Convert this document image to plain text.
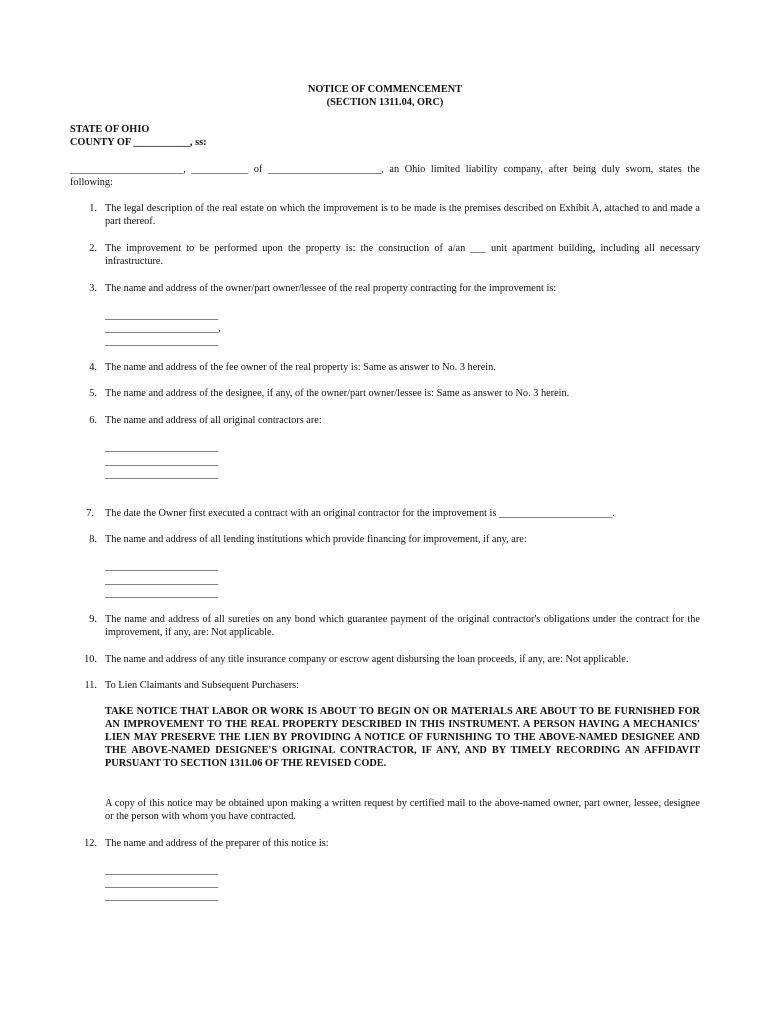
NOTICE OF COMMENCEMENT
(SECTION 1311.04, ORC)
STATE OF OHIO
COUNTY OF ___________, ss:
______________________, ___________ of ______________________, an Ohio limited liability company, after being duly sworn, states the following:
1. The legal description of the real estate on which the improvement is to be made is the premises described on Exhibit A, attached to and made a part thereof.
2. The improvement to be performed upon the property is: the construction of a/an ___ unit apartment building, including all necessary infrastructure.
3. The name and address of the owner/part owner/lessee of the real property contracting for the improvement is:
______________________
______________________,
______________________
4. The name and address of the fee owner of the real property is: Same as answer to No. 3 herein.
5. The name and address of the designee, if any, of the owner/part owner/lessee is: Same as answer to No. 3 herein.
6. The name and address of all original contractors are:
______________________
______________________
______________________
7. The date the Owner first executed a contract with an original contractor for the improvement is ______________________.
8. The name and address of all lending institutions which provide financing for improvement, if any, are:
______________________
______________________
______________________
9. The name and address of all sureties on any bond which guarantee payment of the original contractor's obligations under the contract for the improvement, if any, are: Not applicable.
10. The name and address of any title insurance company or escrow agent disbursing the loan proceeds, if any, are: Not applicable.
11. To Lien Claimants and Subsequent Purchasers:
TAKE NOTICE THAT LABOR OR WORK IS ABOUT TO BEGIN ON OR MATERIALS ARE ABOUT TO BE FURNISHED FOR AN IMPROVEMENT TO THE REAL PROPERTY DESCRIBED IN THIS INSTRUMENT. A PERSON HAVING A MECHANICS' LIEN MAY PRESERVE THE LIEN BY PROVIDING A NOTICE OF FURNISHING TO THE ABOVE-NAMED DESIGNEE AND THE ABOVE-NAMED DESIGNEE'S ORIGINAL CONTRACTOR, IF ANY, AND BY TIMELY RECORDING AN AFFIDAVIT PURSUANT TO SECTION 1311.06 OF THE REVISED CODE.
A copy of this notice may be obtained upon making a written request by certified mail to the above-named owner, part owner, lessee, designee or the person with whom you have contracted.
12. The name and address of the preparer of this notice is:
______________________
______________________
______________________
